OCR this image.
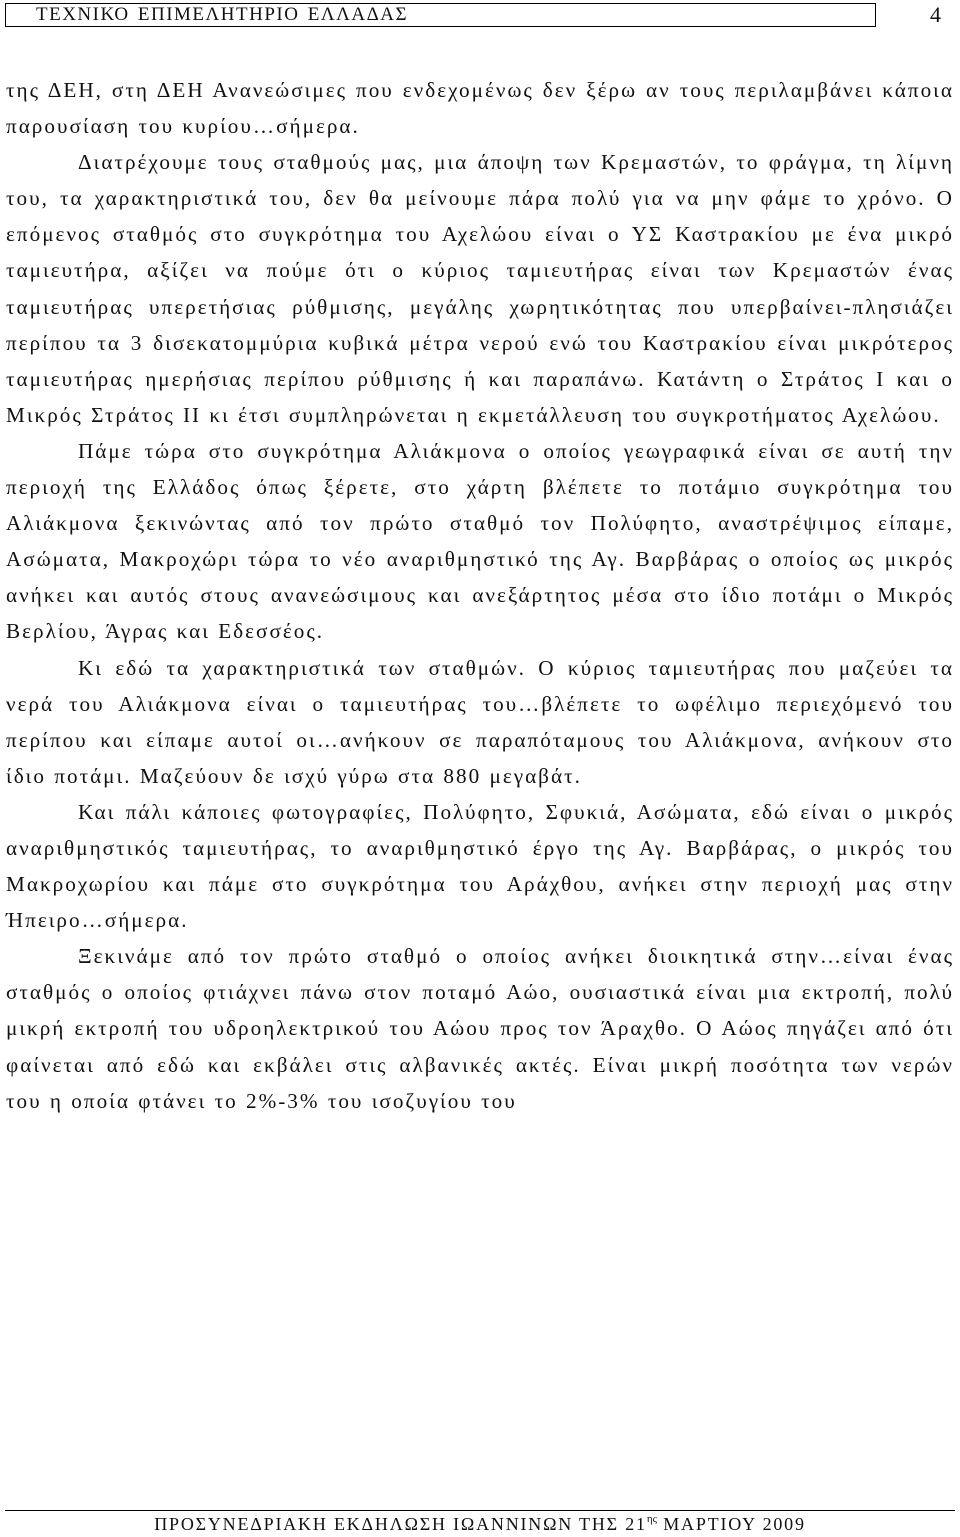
ΤΕΧΝΙΚΟ ΕΠΙΜΕΛΗΤΗΡΙΟ ΕΛΛΑΔΑΣ	4

της ΔΕΗ, στη ΔΕΗ Ανανεώσιμες που ενδεχομένως δεν ξέρω αν τους περιλαμβάνει κάποια παρουσίαση του κυρίου…σήμερα.

Διατρέχουμε τους σταθμούς μας, μια άποψη των Κρεμαστών, το φράγμα, τη λίμνη του, τα χαρακτηριστικά του, δεν θα μείνουμε πάρα πολύ για να μην φάμε το χρόνο. Ο επόμενος σταθμός στο συγκρότημα του Αχελώου είναι ο ΥΣ Καστρακίου με ένα μικρό ταμιευτήρα, αξίζει να πούμε ότι ο κύριος ταμιευτήρας είναι των Κρεμαστών ένας ταμιευτήρας υπερετήσιας ρύθμισης, μεγάλης χωρητικότητας που υπερβαίνει-πλησιάζει περίπου τα 3 δισεκατομμύρια κυβικά μέτρα νερού ενώ του Καστρακίου είναι μικρότερος ταμιευτήρας ημερήσιας περίπου ρύθμισης ή και παραπάνω. Κατάντη ο Στράτος Ι και ο Μικρός Στράτος ΙΙ κι έτσι συμπληρώνεται η εκμετάλλευση του συγκροτήματος Αχελώου.

Πάμε τώρα στο συγκρότημα Αλιάκμονα ο οποίος γεωγραφικά είναι σε αυτή την περιοχή της Ελλάδος όπως ξέρετε, στο χάρτη βλέπετε το ποτάμιο συγκρότημα του Αλιάκμονα ξεκινώντας από τον πρώτο σταθμό τον Πολύφητο, αναστρέψιμος είπαμε, Ασώματα, Μακροχώρι τώρα το νέο αναριθμηστικό της Αγ. Βαρβάρας ο οποίος ως μικρός ανήκει και αυτός στους ανανεώσιμους και ανεξάρτητος μέσα στο ίδιο ποτάμι ο Μικρός Βερλίου, Άγρας και Εδεσσέος.

Κι εδώ τα χαρακτηριστικά των σταθμών. Ο κύριος ταμιευτήρας που μαζεύει τα νερά του Αλιάκμονα είναι ο ταμιευτήρας του…βλέπετε το ωφέλιμο περιεχόμενό του περίπου και είπαμε αυτοί οι…ανήκουν σε παραπόταμους του Αλιάκμονα, ανήκουν στο ίδιο ποτάμι. Μαζεύουν δε ισχύ γύρω στα 880 μεγαβάτ.

Και πάλι κάποιες φωτογραφίες, Πολύφητο, Σφυκιά, Ασώματα, εδώ είναι ο μικρός αναριθμηστικός ταμιευτήρας, το αναριθμηστικό έργο της Αγ. Βαρβάρας, ο μικρός του Μακροχωρίου και πάμε στο συγκρότημα του Αράχθου, ανήκει στην περιοχή μας στην Ήπειρο…σήμερα.

Ξεκινάμε από τον πρώτο σταθμό ο οποίος ανήκει διοικητικά στην…είναι ένας σταθμός ο οποίος φτιάχνει πάνω στον ποταμό Αώο, ουσιαστικά είναι μια εκτροπή, πολύ μικρή εκτροπή του υδροηλεκτρικού του Αώου προς τον Άραχθο. Ο Αώος πηγάζει από ότι φαίνεται από εδώ και εκβάλει στις αλβανικές ακτές. Είναι μικρή ποσότητα των νερών του η οποία φτάνει το 2%-3% του ισοζυγίου του

ΠΡΟΣΥΝΕΔΡΙΑΚΗ ΕΚΔΗΛΩΣΗ ΙΩΑΝΝΙΝΩΝ ΤΗΣ $21^{\eta\varsigma}$ ΜΑΡΤΙΟΥ 2009
